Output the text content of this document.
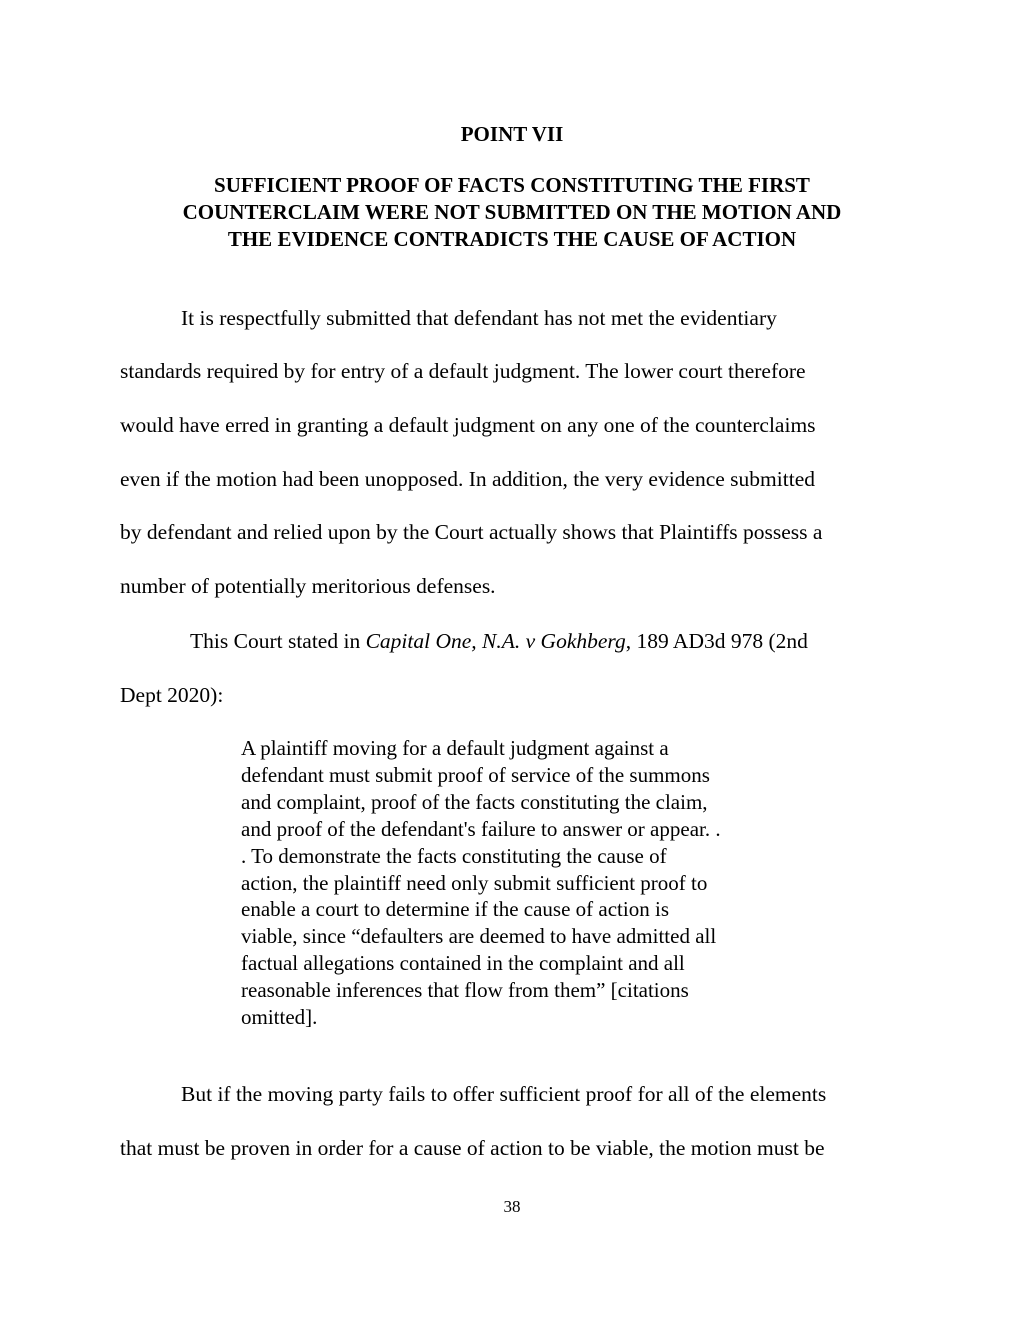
POINT VII
SUFFICIENT PROOF OF FACTS CONSTITUTING THE FIRST
COUNTERCLAIM WERE NOT SUBMITTED ON THE MOTION AND
THE EVIDENCE CONTRADICTS THE CAUSE OF ACTION
It is respectfully submitted that defendant has not met the evidentiary
standards required by for entry of a default judgment. The lower court therefore
would have erred in granting a default judgment on any one of the counterclaims
even if the motion had been unopposed. In addition, the very evidence submitted
by defendant and relied upon by the Court actually shows that Plaintiffs possess a
number of potentially meritorious defenses.
This Court stated in Capital One, N.A. v Gokhberg, 189 AD3d 978 (2nd
Dept 2020):
A plaintiff moving for a default judgment against a
defendant must submit proof of service of the summons
and complaint, proof of the facts constituting the claim,
and proof of the defendant's failure to answer or appear. .
. To demonstrate the facts constituting the cause of
action, the plaintiff need only submit sufficient proof to
enable a court to determine if the cause of action is
viable, since “defaulters are deemed to have admitted all
factual allegations contained in the complaint and all
reasonable inferences that flow from them” [citations
omitted].
But if the moving party fails to offer sufficient proof for all of the elements
that must be proven in order for a cause of action to be viable, the motion must be
38
